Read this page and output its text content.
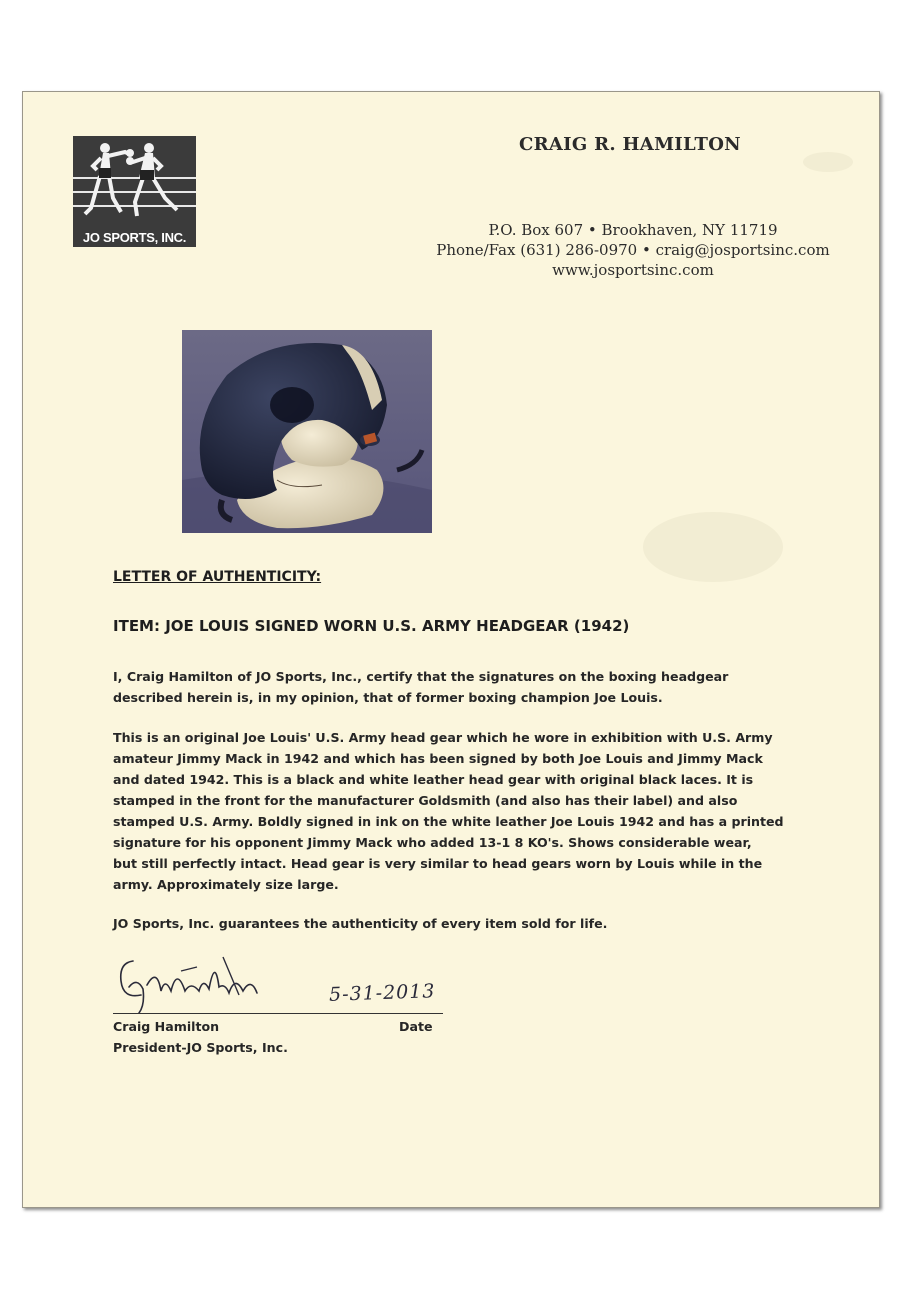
JO SPORTS, INC.
CRAIG R. HAMILTON
P.O. Box 607 • Brookhaven, NY 11719
Phone/Fax (631) 286-0970 • craig@josportsinc.com
www.josportsinc.com
LETTER OF AUTHENTICITY:
ITEM: JOE LOUIS SIGNED WORN U.S. ARMY HEADGEAR (1942)
I, Craig Hamilton of JO Sports, Inc., certify that the signatures on the boxing headgear
described herein is, in my opinion, that of former boxing champion Joe Louis.
This is an original Joe Louis' U.S. Army head gear which he wore in exhibition with U.S. Army
amateur Jimmy Mack in 1942 and which has been signed by both Joe Louis and Jimmy Mack
and dated 1942. This is a black and white leather head gear with original black laces. It is
stamped in the front for the manufacturer Goldsmith (and also has their label) and also
stamped U.S. Army. Boldly signed in ink on the white leather Joe Louis 1942 and has a printed
signature for his opponent Jimmy Mack who added 13-1 8 KO's. Shows considerable wear,
but still perfectly intact. Head gear is very similar to head gears worn by Louis while in the
army. Approximately size large.
JO Sports, Inc. guarantees the authenticity of every item sold for life.
5-31-2013
Craig Hamilton
President-JO Sports, Inc.
Date
